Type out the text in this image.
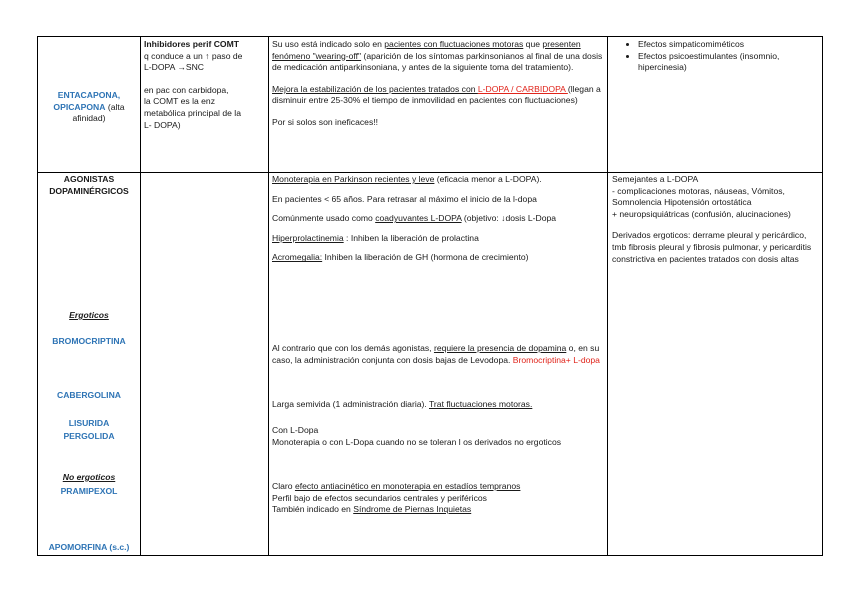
ENTACAPONA, OPICAPONA (alta afinidad)

Inhibidores perif COMT

q conduce a un ↑ paso de

L-DOPA →SNC

en pac con carbidopa,

la COMT es la enz

metabólica principal de la

L- DOPA)

Su uso está indicado solo en pacientes con fluctuaciones motoras que presenten fenómeno "wearing-off" (aparición de los síntomas parkinsonianos al final de una dosis de medicación antiparkinsoniana, y antes de la siguiente toma del tratamiento).

Mejora la estabilización de los pacientes tratados con L-DOPA / CARBIDOPA (llegan a disminuir entre 25-30% el tiempo de inmovilidad en pacientes con fluctuaciones)

Por si solos son ineficaces!!

• Efectos simpaticomiméticos
• Efectos psicoestimulantes (insomnio, hipercinesia)
AGONISTAS DOPAMINÉRGICOS
Ergoticos
BROMOCRIPTINA
CABERGOLINA
LISURIDA
PERGOLIDA
No ergoticos
PRAMIPEXOL
APOMORFINA (s.c.)

Monoterapia en Parkinson recientes y leve (eficacia menor a L-DOPA).

En pacientes < 65 años. Para retrasar al máximo el inicio de la l-dopa

Comúnmente usado como coadyuvantes L-DOPA (objetivo: ↓dosis L-Dopa

Hiperprolactinemia : Inhiben la liberación de prolactina

Acromegalia: Inhiben la liberación de GH (hormona de crecimiento)

Al contrario que con los demás agonistas, requiere la presencia de dopamina o, en su caso, la administración conjunta con dosis bajas de Levodopa. Bromocriptina+ L-dopa

Larga semivida (1 administración diaria). Trat fluctuaciones motoras.

Con L-Dopa

Monoterapia o con L-Dopa cuando no se toleran l os derivados no ergoticos

Claro efecto antiacinético en monoterapia en estadíos tempranos

Perfil bajo de efectos secundarios centrales y periféricos

También indicado en Síndrome de Piernas Inquietas

Semejantes a L-DOPA

- complicaciones motoras, náuseas, Vómitos, Somnolencia Hipotensión ortostática

+ neuropsiquiátricas (confusión, alucinaciones)

Derivados ergoticos: derrame pleural y pericárdico, tmb fibrosis pleural y fibrosis pulmonar, y pericarditis constrictiva en pacientes tratados con dosis altas
